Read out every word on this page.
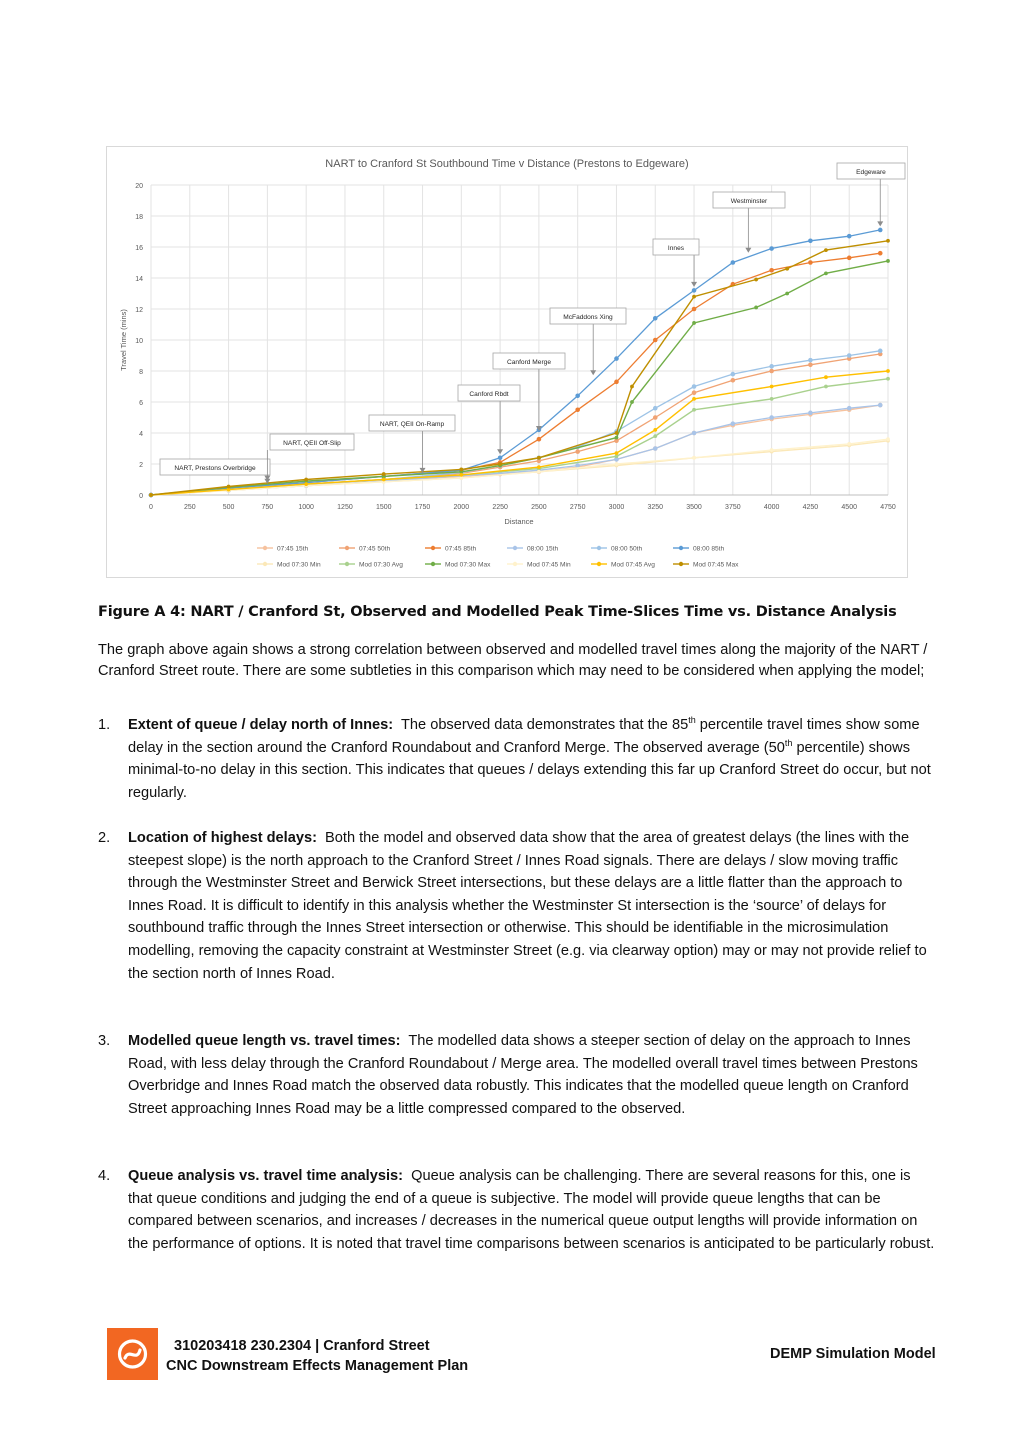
0
2
4
6
8
10
12
14
16
18
20
0	250	500	750	1000	1250	1500	1750	2000	2250	2500	2750	3000	3250	3500	3750	4000	4250	4500	4750
NART to Cranford St Southbound Time v Distance (Prestons to Edgeware)
Distance
Travel Time (mins)
NART, Prestons Overbridge
NART, QEII Off-Slip
NART, QEII On-Ramp
Canford Rbdt
Canford Merge
McFaddons Xing
Innes
Westminster
Edgeware
07:45 15th	07:45 50th	07:45 85th	08:00 15th	08:00 50th	08:00 85th
Mod 07:30 Min	Mod 07:30 Avg	Mod 07:30 Max	Mod 07:45 Min	Mod 07:45 Avg	Mod 07:45 Max
Figure A 4: NART / Cranford St, Observed and Modelled Peak Time-Slices Time vs. Distance Analysis
The graph above again shows a strong correlation between observed and modelled travel times along the majority of the NART / Cranford Street route. There are some subtleties in this comparison which may need to be considered when applying the model;
1. Extent of queue / delay north of Innes: The observed data demonstrates that the 85th percentile travel times show some delay in the section around the Cranford Roundabout and Cranford Merge. The observed average (50th percentile) shows minimal-to-no delay in this section. This indicates that queues / delays extending this far up Cranford Street do occur, but not regularly.
2. Location of highest delays: Both the model and observed data show that the area of greatest delays (the lines with the steepest slope) is the north approach to the Cranford Street / Innes Road signals. There are delays / slow moving traffic through the Westminster Street and Berwick Street intersections, but these delays are a little flatter than the approach to Innes Road. It is difficult to identify in this analysis whether the Westminster St intersection is the ‘source’ of delays for southbound traffic through the Innes Street intersection or otherwise. This should be identifiable in the microsimulation modelling, removing the capacity constraint at Westminster Street (e.g. via clearway option) may or may not provide relief to the section north of Innes Road.
3. Modelled queue length vs. travel times: The modelled data shows a steeper section of delay on the approach to Innes Road, with less delay through the Cranford Roundabout / Merge area. The modelled overall travel times between Prestons Overbridge and Innes Road match the observed data robustly. This indicates that the modelled queue length on Cranford Street approaching Innes Road may be a little compressed compared to the observed.
4. Queue analysis vs. travel time analysis: Queue analysis can be challenging. There are several reasons for this, one is that queue conditions and judging the end of a queue is subjective. The model will provide queue lengths that can be compared between scenarios, and increases / decreases in the numerical queue output lengths will provide information on the performance of options. It is noted that travel time comparisons between scenarios is anticipated to be particularly robust.
310203418 230.2304 | Cranford Street
CNC Downstream Effects Management Plan
DEMP Simulation Model
